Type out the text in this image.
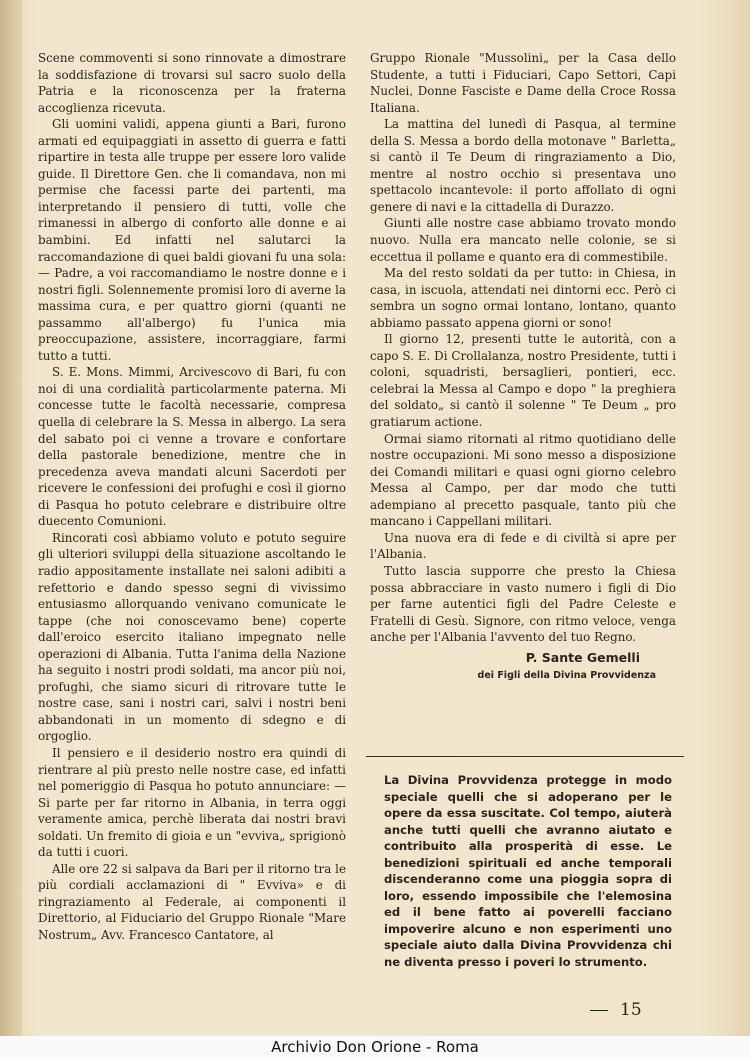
Scene commoventi si sono rinnovate a dimostrare la soddisfazione di trovarsi sul sacro suolo della Patria e la riconoscenza per la fraterna accoglienza ricevuta.

Gli uomini validi, appena giunti a Bari, furono armati ed equipaggiati in assetto di guerra e fatti ripartire in testa alle truppe per essere loro valide guide. Il Direttore Gen. che li comandava, non mi permise che facessi parte dei partenti, ma interpretando il pensiero di tutti, volle che rimanessi in albergo di conforto alle donne e ai bambini. Ed infatti nel salutarci la raccomandazione di quei baldi giovani fu una sola: — Padre, a voi raccomandiamo le nostre donne e i nostri figli. Solennemente promisi loro di averne la massima cura, e per quattro giorni (quanti ne passammo all'albergo) fu l'unica mia preoccupazione, assistere, incorraggiare, farmi tutto a tutti.

S. E. Mons. Mimmi, Arcivescovo di Bari, fu con noi di una cordialità particolarmente paterna. Mi concesse tutte le facoltà necessarie, compresa quella di celebrare la S. Messa in albergo. La sera del sabato poi ci venne a trovare e confortare della pastorale benedizione, mentre che in precedenza aveva mandati alcuni Sacerdoti per ricevere le confessioni dei profughi e così il giorno di Pasqua ho potuto celebrare e distribuire oltre duecento Comunioni.

Rincorati così abbiamo voluto e potuto seguire gli ulteriori sviluppi della situazione ascoltando le radio appositamente installate nei saloni adibiti a refettorio e dando spesso segni di vivissimo entusiasmo allorquando venivano comunicate le tappe (che noi conoscevamo bene) coperte dall'eroico esercito italiano impegnato nelle operazioni di Albania. Tutta l'anima della Nazione ha seguito i nostri prodi soldati, ma ancor più noi, profughi, che siamo sicuri di ritrovare tutte le nostre case, sani i nostri cari, salvi i nostri beni abbandonati in un momento di sdegno e di orgoglio.

Il pensiero e il desiderio nostro era quindi di rientrare al più presto nelle nostre case, ed infatti nel pomeriggio di Pasqua ho potuto annunciare: — Si parte per far ritorno in Albania, in terra oggi veramente amica, perchè liberata dai nostri bravi soldati. Un fremito di gioia e un "evviva„ sprigionò da tutti i cuori.

Alle ore 22 si salpava da Bari per il ritorno tra le più cordiali acclamazioni di " Evviva» e di ringraziamento al Federale, ai componenti il Direttorio, al Fiduciario del Gruppo Rionale "Mare Nostrum„ Avv. Francesco Cantatore, al

Gruppo Rionale "Mussolini„ per la Casa dello Studente, a tutti i Fiduciari, Capo Settori, Capi Nuclei, Donne Fasciste e Dame della Croce Rossa Italiana.

La mattina del lunedì di Pasqua, al termine della S. Messa a bordo della motonave " Barletta„ si cantò il Te Deum di ringraziamento a Dio, mentre al nostro occhio si presentava uno spettacolo incantevole: il porto affollato di ogni genere di navi e la cittadella di Durazzo.

Giunti alle nostre case abbiamo trovato mondo nuovo. Nulla era mancato nelle colonie, se si eccettua il pollame e quanto era di commestibile.

Ma del resto soldati da per tutto: in Chiesa, in casa, in iscuola, attendati nei dintorni ecc. Però ci sembra un sogno ormai lontano, lontano, quanto abbiamo passato appena giorni or sono!

Il giorno 12, presenti tutte le autorità, con a capo S. E. Di Crollalanza, nostro Presidente, tutti i coloni, squadristi, bersaglieri, pontieri, ecc. celebrai la Messa al Campo e dopo " la preghiera del soldato„ si cantò il solenne " Te Deum „ pro gratiarum actione.

Ormai siamo ritornati al ritmo quotidiano delle nostre occupazioni. Mi sono messo a disposizione dei Comandi militari e quasi ogni giorno celebro Messa al Campo, per dar modo che tutti adempiano al precetto pasquale, tanto più che mancano i Cappellani militari.

Una nuova era di fede e di civiltà si apre per l'Albania.

Tutto lascia supporre che presto la Chiesa possa abbracciare in vasto numero i figli di Dio per farne autentici figli del Padre Celeste e Fratelli di Gesù. Signore, con ritmo veloce, venga anche per l'Albania l'avvento del tuo Regno.

P. Sante Gemelli
dei Figli della Divina Provvidenza
La Divina Provvidenza protegge in modo speciale quelli che si adoperano per le opere da essa suscitate. Col tempo, aiuterà anche tutti quelli che avranno aiutato e contribuito alla prosperità di esse. Le benedizioni spirituali ed anche temporali discenderanno come una pioggia sopra di loro, essendo impossibile che l'elemosina ed il bene fatto ai poverelli facciano impoverire alcuno e non esperimenti uno speciale aiuto dalla Divina Provvidenza chi ne diventa presso i poveri lo strumento.
15
Archivio Don Orione - Roma
